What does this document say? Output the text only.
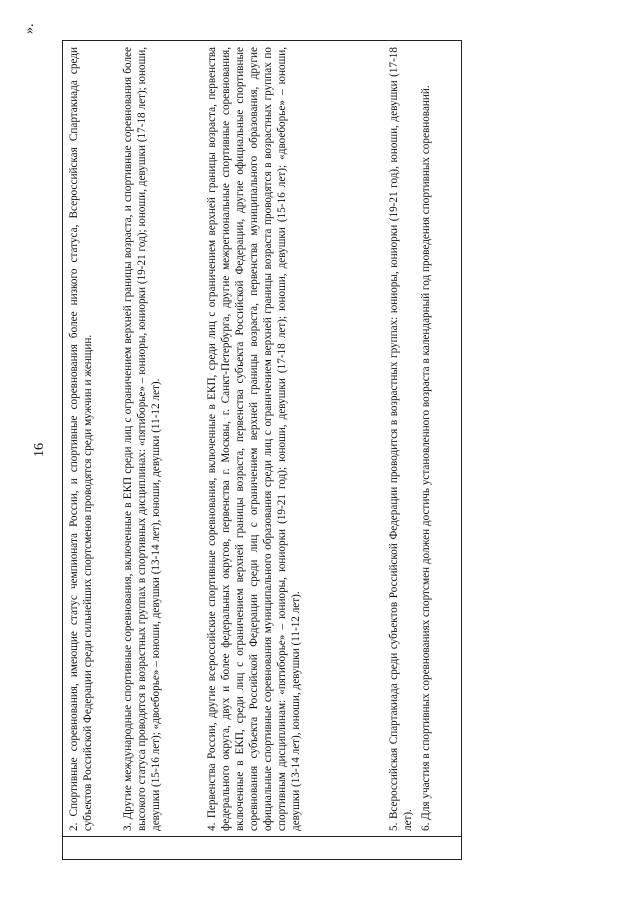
16
».

2. Спортивные соревнования, имеющие статус чемпионата России, и спортивные соревнования более низкого статуса, Всероссийская Спартакиада среди субъектов Российской Федерации среди сильнейших спортсменов проводятся среди мужчин и женщин.	3. Другие международные спортивные соревнования, включенные в ЕКП среди лиц с ограничением верхней границы возраста, и спортивные соревнования более высокого статуса проводятся в возрастных группах в спортивных дисциплинах: «пятиборье» – юниоры, юниорки (19-21 год); юноши, девушки (17-18 лет); юноши, девушки (15-16 лет); «двоеборье» – юноши, девушки (13-14 лет), юноши, девушки (11-12 лет).	4. Первенства России, другие всероссийские спортивные соревнования, включенные в ЕКП, среди лиц с ограничением верхней границы возраста, первенства федерального округа, двух и более федеральных округов, первенства г. Москвы, г. Санкт-Петербурга, другие межрегиональные спортивные соревнования, включенные в ЕКП, среди лиц с ограничением верхней границы возраста, первенства субъекта Российской Федерации, другие официальные спортивные соревнования субъекта Российской Федерации среди лиц с ограничением верхней границы возраста, первенства муниципального образования, другие официальные спортивные соревнования муниципального образования среди лиц с ограничением верхней границы возраста проводятся в возрастных группах по спортивным дисциплинам: «пятиборье» – юниоры, юниорки (19-21 год); юноши, девушки (17-18 лет); юноши, девушки (15-16 лет); «двоеборье» – юноши, девушки (13-14 лет), юноши, девушки (11-12 лет).	5. Всероссийская Спартакиада среди субъектов Российской Федерации проводится в возрастных группах: юниоры, юниорки (19-21 год), юноши, девушки (17-18 лет). 6. Для участия в спортивных соревнованиях спортсмен должен достичь установленного возраста в календарный год проведения спортивных соревнований.
